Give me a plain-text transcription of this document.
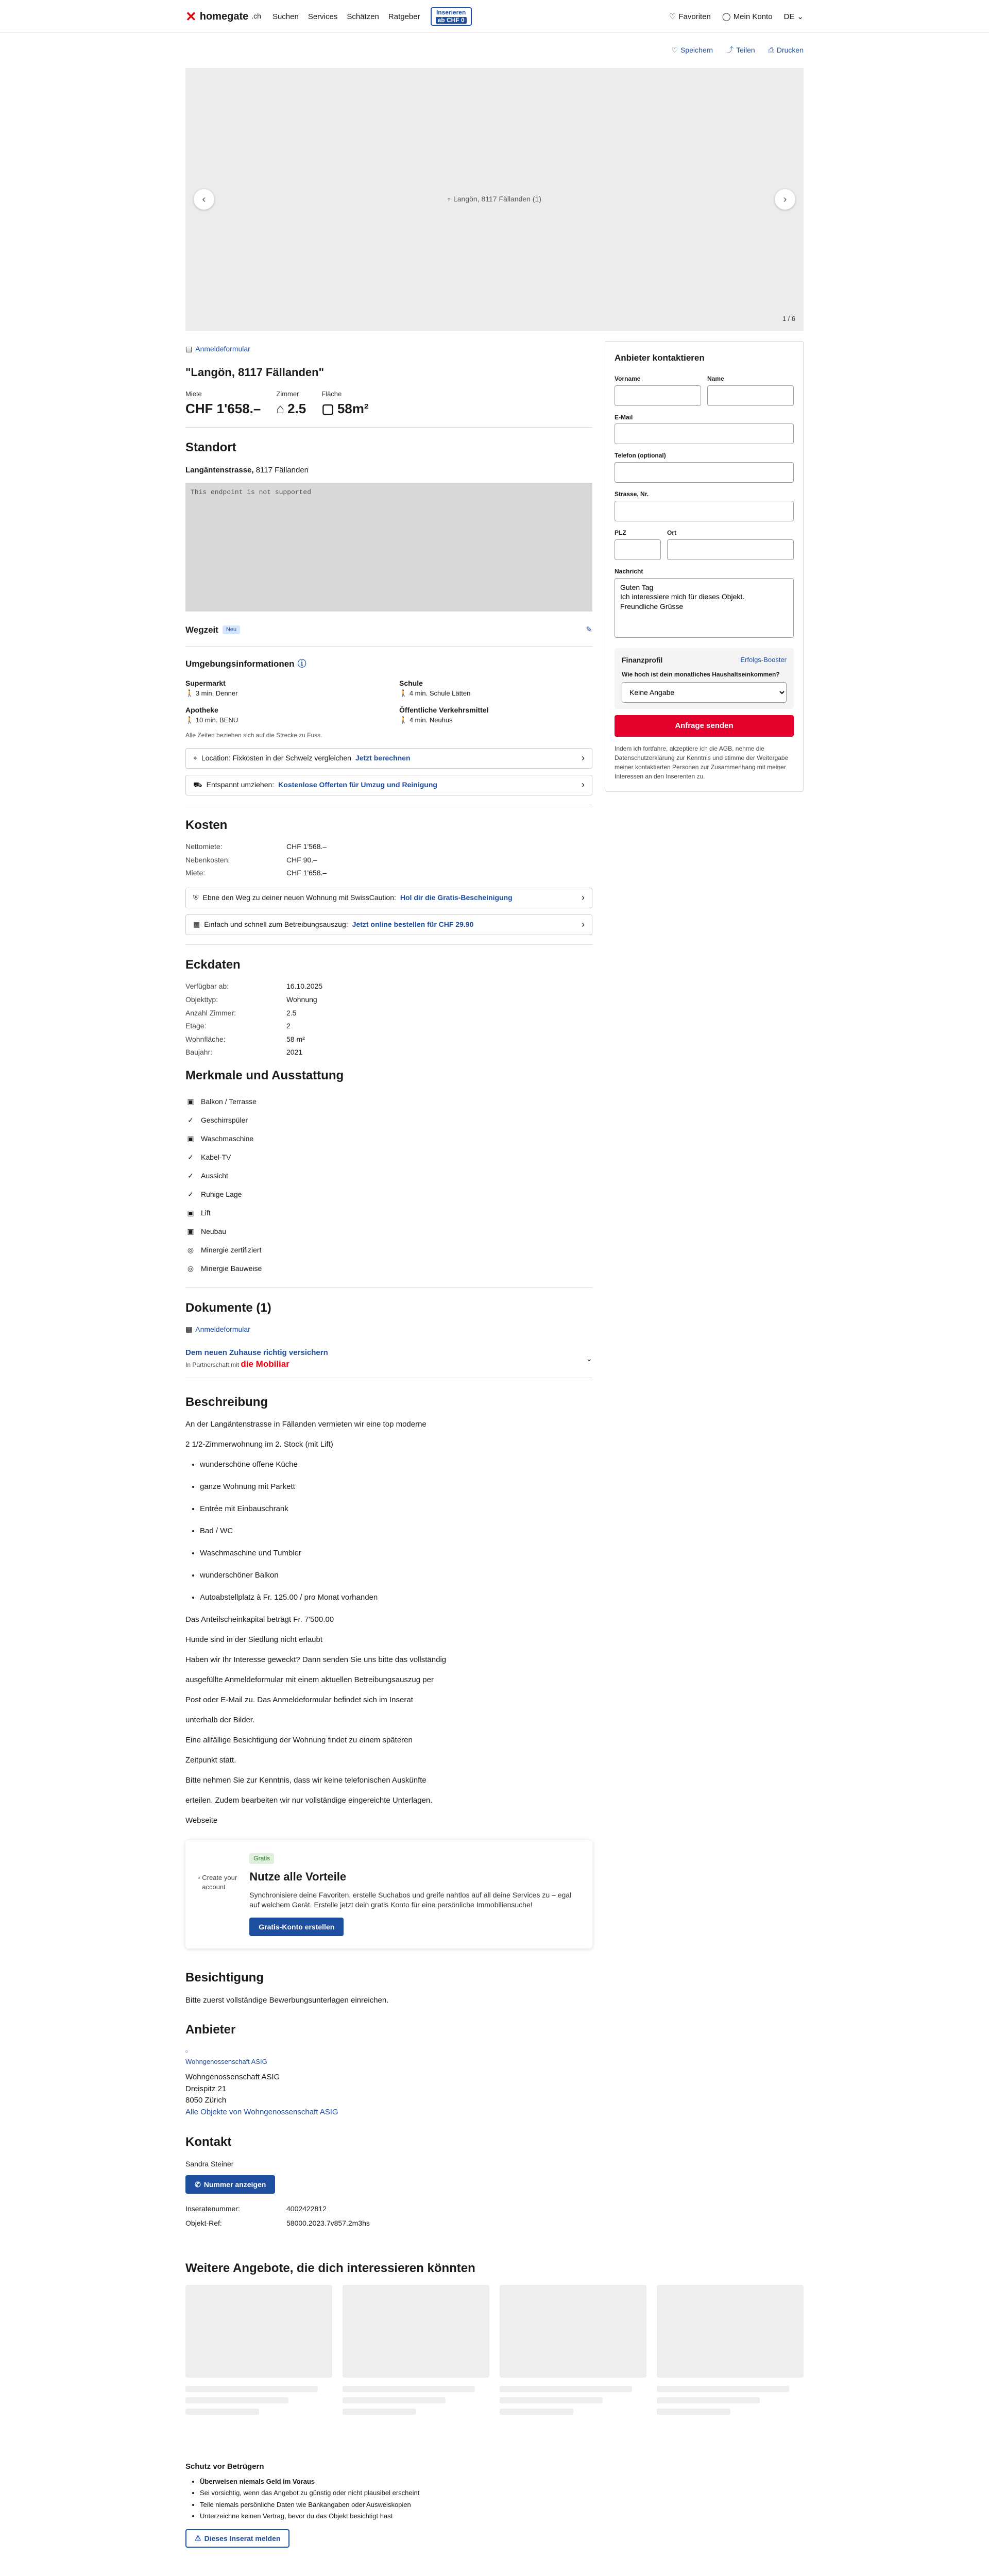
✕ homegate .ch Suchen Services Schätzen Ratgeber	Inserieren
ab CHF 0	♡ Favoriten ◯ Mein Konto DE ⌄
♡ Speichern ⤴ Teilen ⎙ Drucken
‹	▫ Langön, 8117 Fällanden (1)	›
1 / 6
▤ Anmeldeformular
"Langön, 8117 Fällanden"
Miete
CHF 1'658.–
Zimmer
⌂ 2.5
Fläche
▢ 58m²
Standort
Langäntenstrasse, 8117 Fällanden
This endpoint is not supported
Wegzeit	Neu	✎
Umgebungsinformationen ⓘ
Supermarkt
🚶 3 min. Denner
Schule
🚶 4 min. Schule Lätten
Apotheke
🚶 10 min. BENU
Öffentliche Verkehrsmittel
🚶 4 min. Neuhus
Alle Zeiten beziehen sich auf die Strecke zu Fuss.
⌖ Location: Fixkosten in der Schweiz vergleichen Jetzt berechnen	›
⛟ Entspannt umziehen: Kostenlose Offerten für Umzug und Reinigung	›
Kosten
Nettomiete:	CHF 1'568.–
Nebenkosten:	CHF 90.–
Miete:	CHF 1'658.–
⛨ Ebne den Weg zu deiner neuen Wohnung mit SwissCaution: Hol dir die Gratis-Bescheinigung	›
▤ Einfach und schnell zum Betreibungsauszug: Jetzt online bestellen für CHF 29.90	›
Eckdaten
Verfügbar ab:	16.10.2025
Objekttyp:	Wohnung
Anzahl Zimmer:	2.5
Etage:	2
Wohnfläche:	58 m²
Baujahr:	2021
Merkmale und Ausstattung
▣ Balkon / Terrasse
✓ Geschirrspüler
▣ Waschmaschine
✓ Kabel-TV
✓ Aussicht
✓ Ruhige Lage
▣ Lift
▣ Neubau
◎ Minergie zertifiziert
◎ Minergie Bauweise
Dokumente (1)
▤ Anmeldeformular
Dem neuen Zuhause richtig versichern
In Partnerschaft mit die Mobiliar
⌄
Beschreibung

An der Langäntenstrasse in Fällanden vermieten wir eine top moderne

2 1/2-Zimmerwohnung im 2. Stock (mit Lift)

• wunderschöne offene Küche
• ganze Wohnung mit Parkett
• Entrée mit Einbauschrank
• Bad / WC
• Waschmaschine und Tumbler
• wunderschöner Balkon
• Autoabstellplatz à Fr. 125.00 / pro Monat vorhanden

Das Anteilscheinkapital beträgt Fr. 7'500.00

Hunde sind in der Siedlung nicht erlaubt

Haben wir Ihr Interesse geweckt? Dann senden Sie uns bitte das vollständig

ausgefüllte Anmeldeformular mit einem aktuellen Betreibungsauszug per

Post oder E-Mail zu. Das Anmeldeformular befindet sich im Inserat

unterhalb der Bilder.

Eine allfällige Besichtigung der Wohnung findet zu einem späteren

Zeitpunkt statt.

Bitte nehmen Sie zur Kenntnis, dass wir keine telefonischen Auskünfte

erteilen. Zudem bearbeiten wir nur vollständige eingereichte Unterlagen.

Webseite

▫
Create your account
Gratis
Nutze alle Vorteile

Synchronisiere deine Favoriten, erstelle Suchabos und greife nahtlos auf all deine Services zu – egal auf welchem Gerät. Erstelle jetzt dein gratis Konto für eine persönliche Immobiliensuche!

Gratis-Konto erstellen
Besichtigung

Bitte zuerst vollständige Bewerbungsunterlagen einreichen.

Anbieter
▫
Wohngenossenschaft ASIG
Wohngenossenschaft ASIG
Dreispitz 21
8050 Zürich
Alle Objekte von Wohngenossenschaft ASIG
Kontakt
Sandra Steiner
✆ Nummer anzeigen
Inseratenummer:	4002422812
Objekt-Ref:	58000.2023.7v857.2m3hs
Anbieter kontaktieren
Vorname	Name
E-Mail
Telefon (optional)
Strasse, Nr.
PLZ	Ort
Nachricht
Guten Tag Ich interessiere mich für dieses Objekt. Freundliche Grüsse
Finanzprofil	Erfolgs-Booster
Wie hoch ist dein monatliches Haushaltseinkommen?
Keine Angabe
Anfrage senden
Indem ich fortfahre, akzeptiere ich die AGB, nehme die Datenschutzerklärung zur Kenntnis und stimme der Weitergabe meiner kontaktierten Personen zur Zusammenhang mit meiner Interessen an den Inserenten zu.
Weitere Angebote, die dich interessieren könnten
Schutz vor Betrügern
• Überweisen niemals Geld im Voraus
• Sei vorsichtig, wenn das Angebot zu günstig oder nicht plausibel erscheint
• Teile niemals persönliche Daten wie Bankangaben oder Ausweiskopien
• Unterzeichne keinen Vertrag, bevor du das Objekt besichtigt hast
⚠ Dieses Inserat melden
